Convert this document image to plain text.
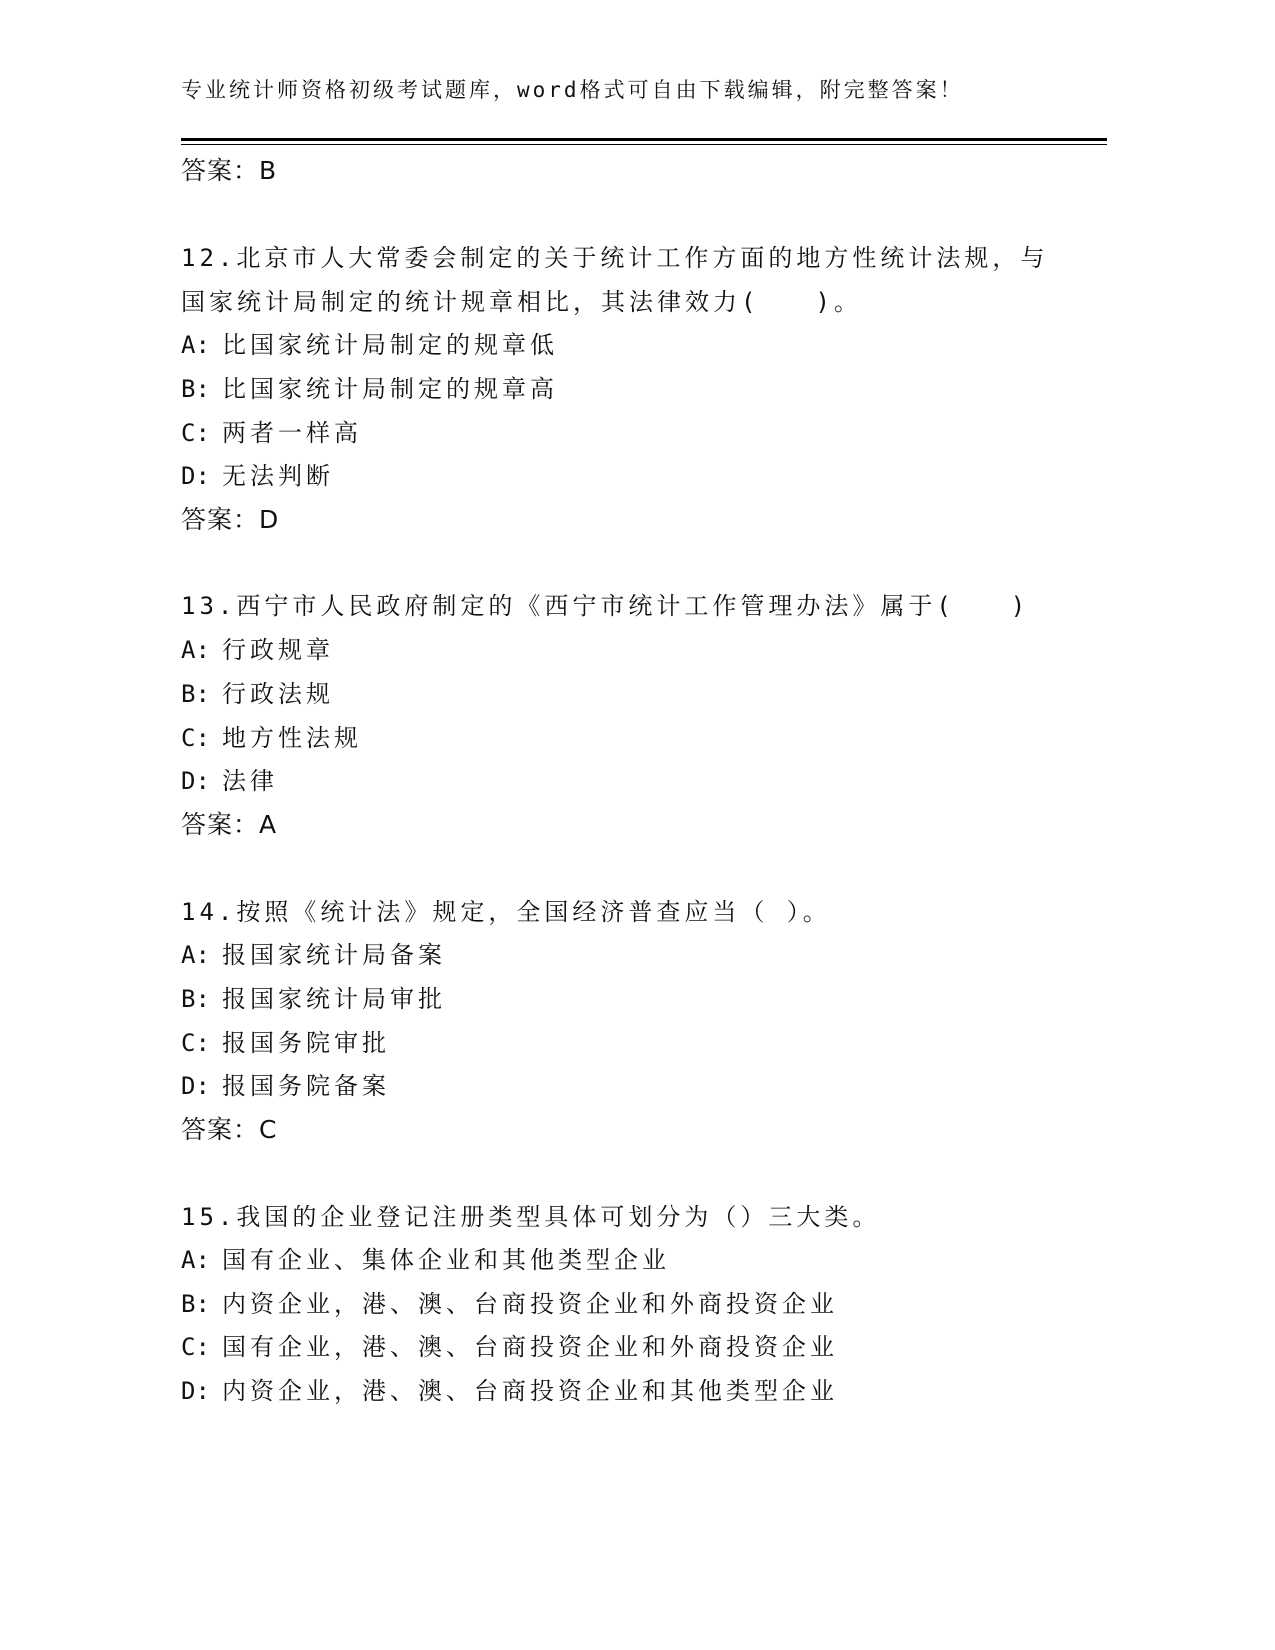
专业统计师资格初级考试题库，word格式可自由下载编辑，附完整答案！
答案：B
12.北京市人大常委会制定的关于统计工作方面的地方性统计法规，与
国家统计局制定的统计规章相比，其法律效力(　　)。
A: 比国家统计局制定的规章低
B: 比国家统计局制定的规章高
C: 两者一样高
D: 无法判断
答案：D
13.西宁市人民政府制定的《西宁市统计工作管理办法》属于(　　)
A: 行政规章
B: 行政法规
C: 地方性法规
D: 法律
答案：A
14.按照《统计法》规定，全国经济普查应当（ ）。
A: 报国家统计局备案
B: 报国家统计局审批
C: 报国务院审批
D: 报国务院备案
答案：C
15.我国的企业登记注册类型具体可划分为（）三大类。
A: 国有企业、集体企业和其他类型企业
B: 内资企业，港、澳、台商投资企业和外商投资企业
C: 国有企业，港、澳、台商投资企业和外商投资企业
D: 内资企业，港、澳、台商投资企业和其他类型企业
